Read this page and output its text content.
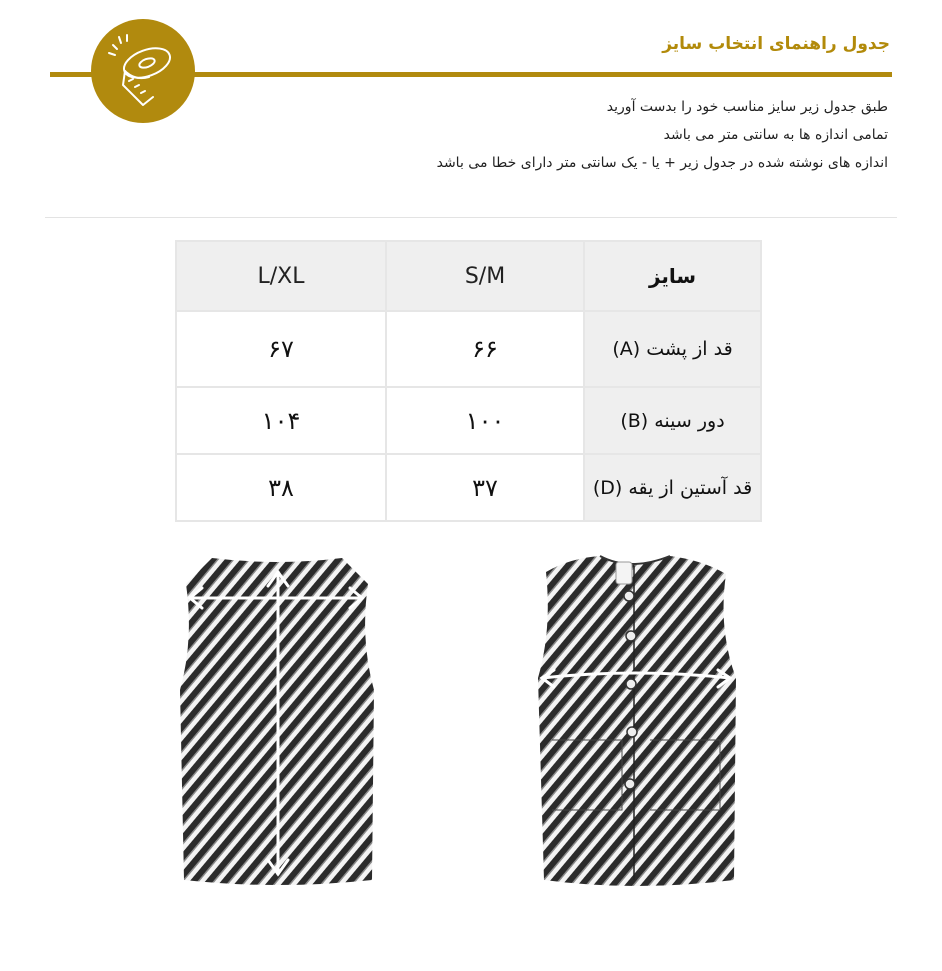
جدول راهنمای انتخاب سایز
طبق جدول زیر سایز مناسب خود را بدست آورید
تمامی اندازه ها به سانتی متر می باشد
اندازه های نوشته شده در جدول زیر + یا - یک سانتی متر دارای خطا می باشد
سایز
S/M
L/XL
قد از پشت (A)
۶۶
۶۷
دور سینه (B)
۱۰۰
۱۰۴
قد آستین از یقه (D)
۳۷
۳۸
